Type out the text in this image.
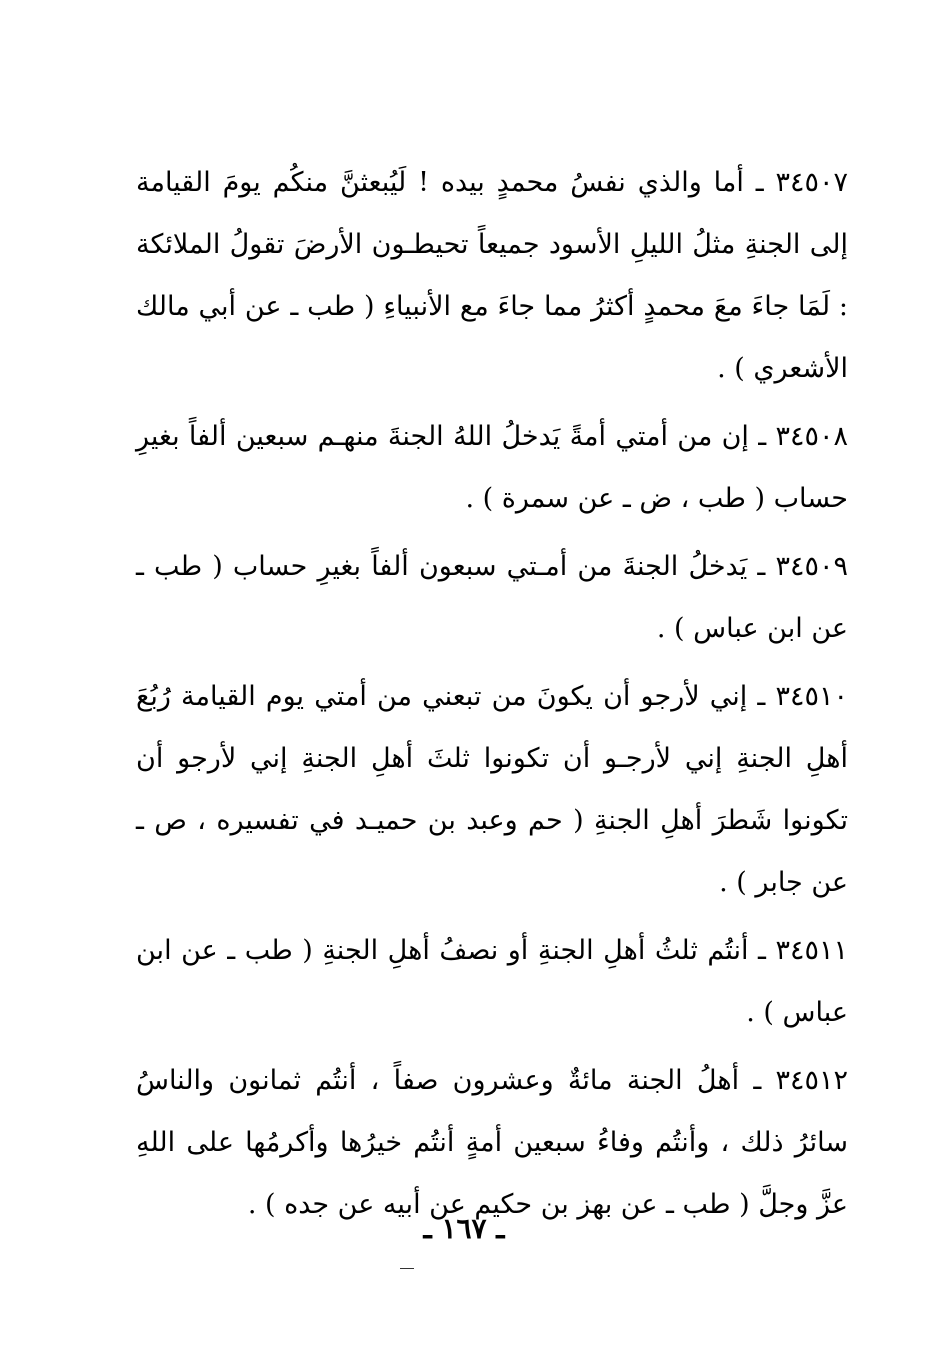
٣٤٥٠٧ ـ أما والذي نفسُ محمدٍ بيده ! لَيُبعثنَّ منكُم يومَ القيامة إلى الجنةِ مثلُ الليلِ الأسود جميعاً تحيطـون الأرضَ تقولُ الملائكة : لَمَا جاءَ معَ محمدٍ أكثرُ مما جاءَ مع الأنبياءِ ( طب ـ عن أبي مالك الأشعري ) .

٣٤٥٠٨ ـ إن من أمتي أمةً يَدخلُ اللهُ الجنةَ منهـم سبعين ألفاً بغيرِ حساب ( طب ، ض ـ عن سمرة ) .

٣٤٥٠٩ ـ يَدخلُ الجنةَ من أمـتي سبعون ألفاً بغيرِ حساب ( طب ـ عن ابن عباس ) .

٣٤٥١٠ ـ إني لأرجو أن يكونَ من تبعني من أمتي يوم القيامة رُبُعَ أهلِ الجنةِ إني لأرجـو أن تكونوا ثلثَ أهلِ الجنةِ إني لأرجو أن تكونوا شَطرَ أهلِ الجنةِ ( حم وعبد بن حميـد في تفسيره ، ص ـ عن جابر ) .

٣٤٥١١ ـ أنتُم ثلثُ أهلِ الجنةِ أو نصفُ أهلِ الجنةِ ( طب ـ عن ابن عباس ) .

٣٤٥١٢ ـ أهلُ الجنة مائةٌ وعشرون صفاً ، أنتُم ثمانون والناسُ سائرُ ذلك ، وأنتُم وفاءُ سبعين أمةٍ أنتُم خيرُها وأكرمُها على اللهِ عزَّ وجلَّ ( طب ـ عن بهز بن حكيم عن أبيه عن جده ) .

ـ ١٦٧ ـ
